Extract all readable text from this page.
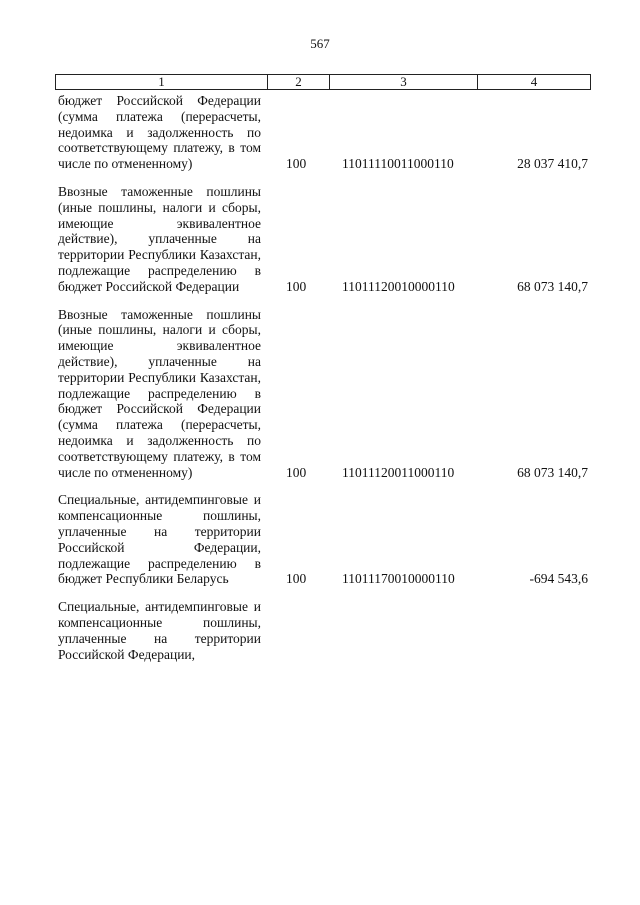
567
1	2	3	4
бюджет Российской Федерации (сумма платежа (перерасчеты, недоимка и задолженность по соответствующему платежу, в том числе по отмененному)	100	11011110011000110	28 037 410,7
Ввозные таможенные пошлины (иные пошлины, налоги и сборы, имеющие эквивалентное действие), уплаченные на территории Республики Казахстан, подлежащие распределению в бюджет Российской Федерации	100	11011120010000110	68 073 140,7
Ввозные таможенные пошлины (иные пошлины, налоги и сборы, имеющие эквивалентное действие), уплаченные на территории Республики Казахстан, подлежащие распределению в бюджет Российской Федерации (сумма платежа (перерасчеты, недоимка и задолженность по соответствующему платежу, в том числе по отмененному)	100	11011120011000110	68 073 140,7
Специальные, антидемпинговые и компенсационные пошлины, уплаченные на территории Российской Федерации, подлежащие распределению в бюджет Республики Беларусь	100	11011170010000110	-694 543,6
Специальные, антидемпинговые и компенсационные пошлины, уплаченные на территории Российской Федерации,
